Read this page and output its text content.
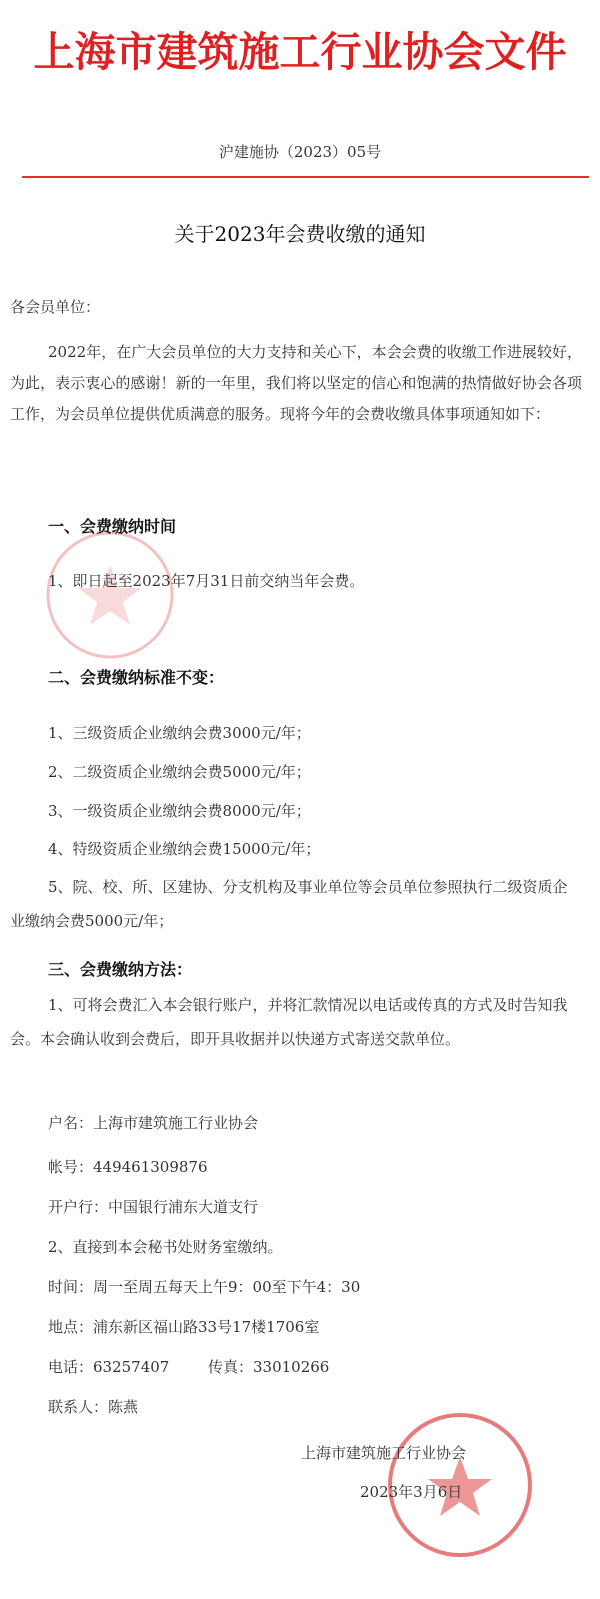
上海市建筑施工行业协会文件
沪建施协（2023）05号
关于2023年会费收缴的通知
各会员单位：
2022年，在广大会员单位的大力支持和关心下，本会会费的收缴工作进展较好，为此，表示衷心的感谢！新的一年里，我们将以坚定的信心和饱满的热情做好协会各项工作，为会员单位提供优质满意的服务。现将今年的会费收缴具体事项通知如下：
一、会费缴纳时间
1、即日起至2023年7月31日前交纳当年会费。
二、会费缴纳标准不变：
1、三级资质企业缴纳会费3000元/年；
2、二级资质企业缴纳会费5000元/年；
3、一级资质企业缴纳会费8000元/年；
4、特级资质企业缴纳会费15000元/年；
5、院、校、所、区建协、分支机构及事业单位等会员单位参照执行二级资质企业缴纳会费5000元/年；
三、会费缴纳方法：
1、可将会费汇入本会银行账户，并将汇款情况以电话或传真的方式及时告知我会。本会确认收到会费后，即开具收据并以快递方式寄送交款单位。
户名：上海市建筑施工行业协会
帐号：449461309876
开户行：中国银行浦东大道支行
2、直接到本会秘书处财务室缴纳。
时间：周一至周五每天上午9：00至下午4：30
地点：浦东新区福山路33号17楼1706室
电话：63257407	传真：33010266
联系人：陈燕
上海市建筑施工行业协会
2023年3月6日
